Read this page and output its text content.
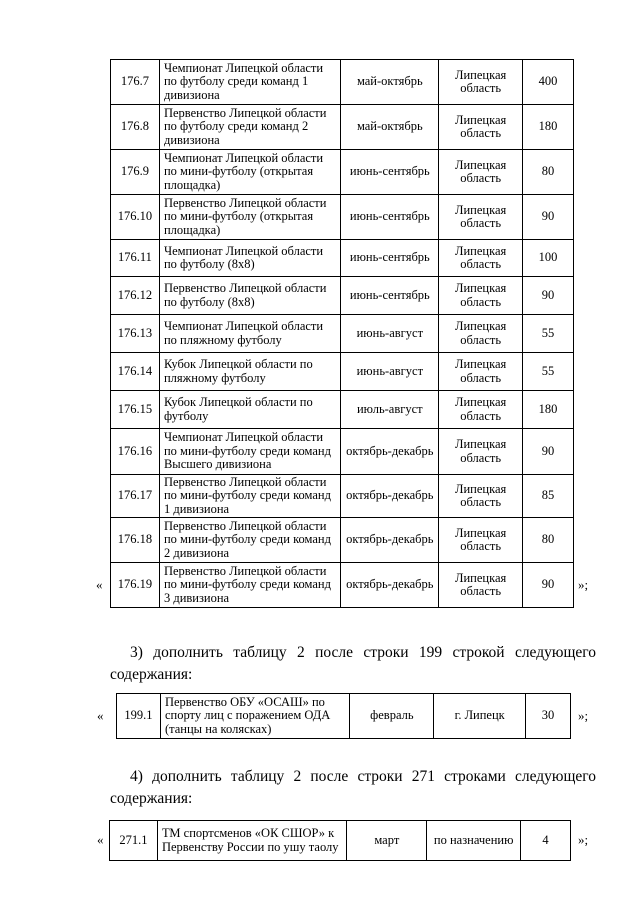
176.7	Чемпионат Липецкой области по футболу среди команд 1 дивизиона	май-октябрь	Липецкая область	400
176.8	Первенство Липецкой области по футболу среди команд 2 дивизиона	май-октябрь	Липецкая область	180
176.9	Чемпионат Липецкой области по мини-футболу (открытая площадка)	июнь-сентябрь	Липецкая область	80
176.10	Первенство Липецкой области по мини-футболу (открытая площадка)	июнь-сентябрь	Липецкая область	90
176.11	Чемпионат Липецкой области по футболу (8х8)	июнь-сентябрь	Липецкая область	100
176.12	Первенство Липецкой области по футболу (8х8)	июнь-сентябрь	Липецкая область	90
176.13	Чемпионат Липецкой области по пляжному футболу	июнь-август	Липецкая область	55
176.14	Кубок Липецкой области по пляжному футболу	июнь-август	Липецкая область	55
176.15	Кубок Липецкой области по футболу	июль-август	Липецкая область	180
176.16	Чемпионат Липецкой области по мини-футболу среди команд Высшего дивизиона	октябрь-декабрь	Липецкая область	90
176.17	Первенство Липецкой области по мини-футболу среди команд 1 дивизиона	октябрь-декабрь	Липецкая область	85
176.18	Первенство Липецкой области по мини-футболу среди команд 2 дивизиона	октябрь-декабрь	Липецкая область	80
176.19	Первенство Липецкой области по мини-футболу среди команд 3 дивизиона	октябрь-декабрь	Липецкая область	90
«	»;
3) дополнить таблицу 2 после строки 199 строкой следующего содержания:
« 199.1	Первенство ОБУ «ОСАШ» по спорту лиц с поражением ОДА (танцы на колясках)	февраль	г. Липецк	30 »;
4) дополнить таблицу 2 после строки 271 строками следующего содержания:
« 271.1	ТМ спортсменов «ОК СШОР» к Первенству России по ушу таолу	март	по назначению	4 »;
